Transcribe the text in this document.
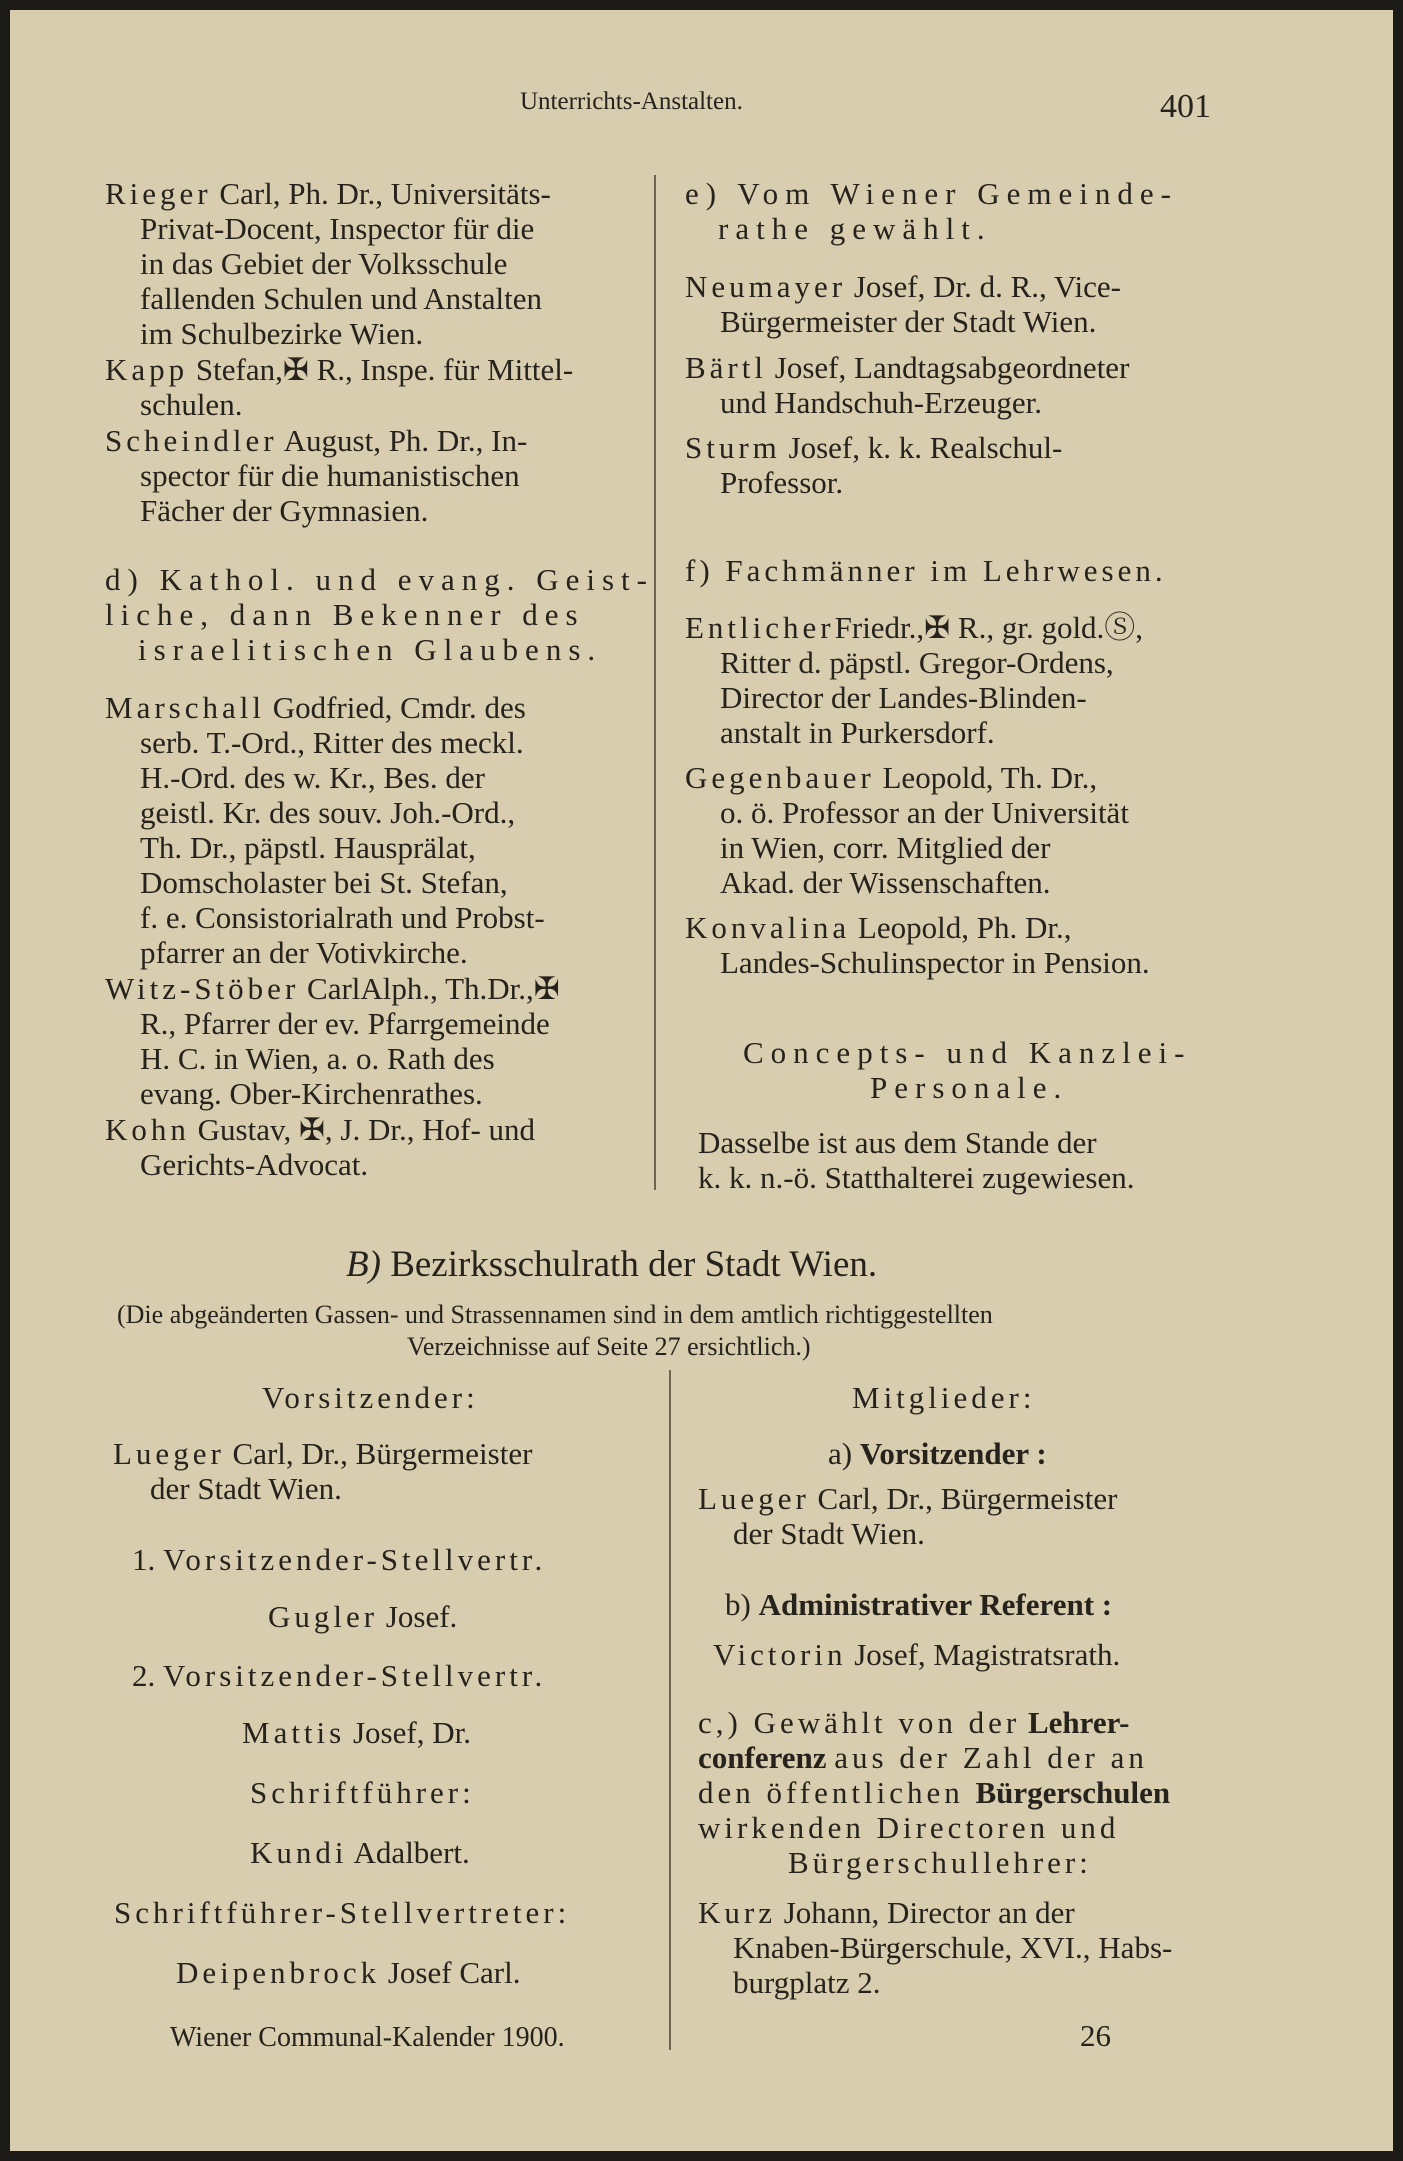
Unterrichts-Anstalten.	401
Rieger Carl, Ph. Dr., Universitäts-
Privat-Docent, Inspector für die
in das Gebiet der Volksschule
fallenden Schulen und Anstalten
im Schulbezirke Wien.
Kapp Stefan,✠ R., Inspe. für Mittel-
schulen.
Scheindler August, Ph. Dr., In-
spector für die humanistischen
Fächer der Gymnasien.
d) Kathol. und evang. Geist-
liche, dann Bekenner des
israelitischen Glaubens.
Marschall Godfried, Cmdr. des
serb. T.-Ord., Ritter des meckl.
H.-Ord. des w. Kr., Bes. der
geistl. Kr. des souv. Joh.-Ord.,
Th. Dr., päpstl. Hausprälat,
Domscholaster bei St. Stefan,
f. e. Consistorialrath und Probst-
pfarrer an der Votivkirche.
Witz-Stöber CarlAlph., Th.Dr.,✠
R., Pfarrer der ev. Pfarrgemeinde
H. C. in Wien, a. o. Rath des
evang. Ober-Kirchenrathes.
Kohn Gustav, ✠, J. Dr., Hof- und
Gerichts-Advocat.
e) Vom Wiener Gemeinde-
rathe gewählt.
Neumayer Josef, Dr. d. R., Vice-
Bürgermeister der Stadt Wien.
Bärtl Josef, Landtagsabgeordneter
und Handschuh-Erzeuger.
Sturm Josef, k. k. Realschul-
Professor.
f) Fachmänner im Lehrwesen.
EntlicherFriedr.,✠ R., gr. gold.Ⓢ,
Ritter d. päpstl. Gregor-Ordens,
Director der Landes-Blinden-
anstalt in Purkersdorf.
Gegenbauer Leopold, Th. Dr.,
o. ö. Professor an der Universität
in Wien, corr. Mitglied der
Akad. der Wissenschaften.
Konvalina Leopold, Ph. Dr.,
Landes-Schulinspector in Pension.
Concepts- und Kanzlei-
Personale.
Dasselbe ist aus dem Stande der
k. k. n.-ö. Statthalterei zugewiesen.
B) Bezirksschulrath der Stadt Wien.
(Die abgeänderten Gassen- und Strassennamen sind in dem amtlich richtiggestellten
Verzeichnisse auf Seite 27 ersichtlich.)
Vorsitzender:
Lueger Carl, Dr., Bürgermeister
der Stadt Wien.
1. Vorsitzender-Stellvertr.
Gugler Josef.
2. Vorsitzender-Stellvertr.
Mattis Josef, Dr.
Schriftführer:
Kundi Adalbert.
Schriftführer-Stellvertreter:
Deipenbrock Josef Carl.
Mitglieder:
a) Vorsitzender :
Lueger Carl, Dr., Bürgermeister
der Stadt Wien.
b) Administrativer Referent :
Victorin Josef, Magistratsrath.
c,) Gewählt von der Lehrer-
conferenz aus der Zahl der an
den öffentlichen Bürgerschulen
wirkenden Directoren und
Bürgerschullehrer:
Kurz Johann, Director an der
Knaben-Bürgerschule, XVI., Habs-
burgplatz 2.
Wiener Communal-Kalender 1900.	26
